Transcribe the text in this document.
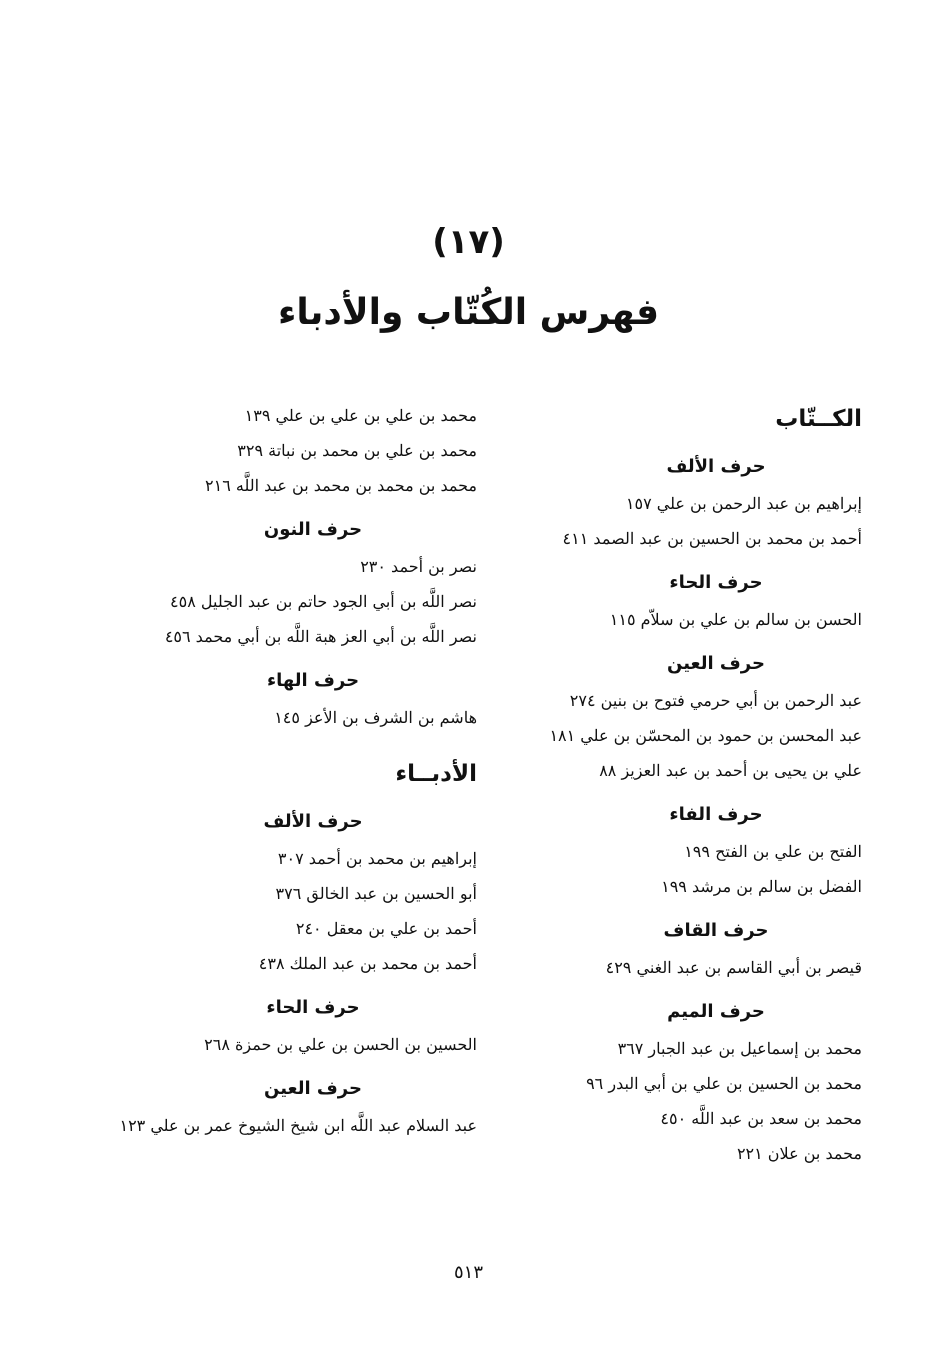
(١٧)
فهرس الكُتّاب والأدباء
الكــتّاب
حرف الألف
إبراهيم بن عبد الرحمن بن علي ١٥٧
أحمد بن محمد بن الحسين بن عبد الصمد ٤١١
حرف الحاء
الحسن بن سالم بن علي بن سلاّم ١١٥
حرف العين
عبد الرحمن بن أبي حرمي فتوح بن بنين ٢٧٤
عبد المحسن بن حمود بن المحسّن بن علي ١٨١
علي بن يحيى بن أحمد بن عبد العزيز ٨٨
حرف الفاء
الفتح بن علي بن الفتح ١٩٩
الفضل بن سالم بن مرشد ١٩٩
حرف القاف
قيصر بن أبي القاسم بن عبد الغني ٤٢٩
حرف الميم
محمد بن إسماعيل بن عبد الجبار ٣٦٧
محمد بن الحسين بن علي بن أبي البدر ٩٦
محمد بن سعد بن عبد اللَّه ٤٥٠
محمد بن علان ٢٢١
محمد بن علي بن علي بن علي ١٣٩
محمد بن علي بن محمد بن نباتة ٣٢٩
محمد بن محمد بن محمد بن عبد اللَّه ٢١٦
حرف النون
نصر بن أحمد ٢٣٠
نصر اللَّه بن أبي الجود حاتم بن عبد الجليل ٤٥٨
نصر اللَّه بن أبي العز هبة اللَّه بن أبي محمد ٤٥٦
حرف الهاء
هاشم بن الشرف بن الأعز ١٤٥
الأدبــاء
حرف الألف
إبراهيم بن محمد بن أحمد ٣٠٧
أبو الحسين بن عبد الخالق ٣٧٦
أحمد بن علي بن معقل ٢٤٠
أحمد بن محمد بن عبد الملك ٤٣٨
حرف الحاء
الحسين بن الحسن بن علي بن حمزة ٢٦٨
حرف العين
عبد السلام عبد اللَّه ابن شيخ الشيوخ عمر بن علي ١٢٣
٥١٣
